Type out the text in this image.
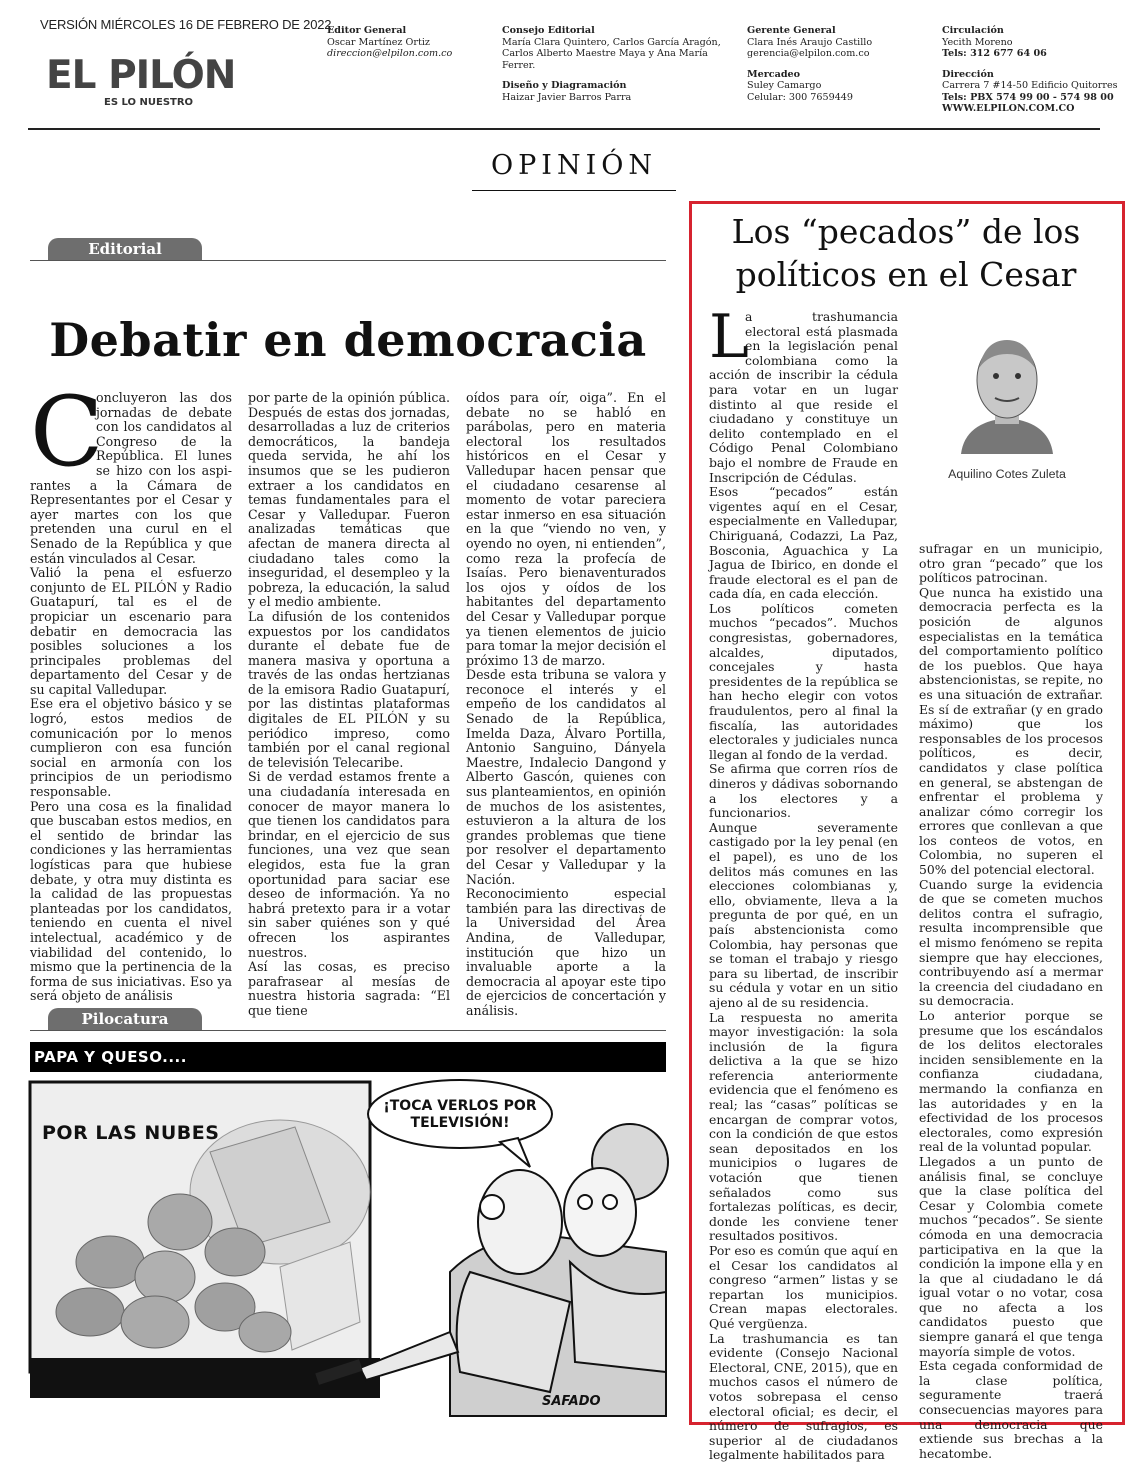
VERSIÓN MIÉRCOLES 16 DE FEBRERO DE 2022
EL PILÓN
ES LO NUESTRO
Editor General
Oscar Martínez Ortiz
direccion@elpilon.com.co
Consejo Editorial
María Clara Quintero, Carlos García Aragón,
Carlos Alberto Maestre Maya y Ana María
Ferrer.
Diseño y Diagramación
Haizar Javier Barros Parra
Gerente General
Clara Inés Araujo Castillo
gerencia@elpilon.com.co
Mercadeo
Suley Camargo
Celular: 300 7659449
Circulación
Yecith Moreno
Tels: 312 677 64 06
Dirección
Carrera 7 #14-50 Edificio Quitorres
Tels: PBX 574 99 00 - 574 98 00
WWW.ELPILON.COM.CO
OPINIÓN
Editorial
Debatir en democracia
C

oncluyeron las dos jornadas de debate con los candidatos al Congreso de la República. El lunes se hizo con los aspi-rantes a la Cámara de Representantes por el Cesar y ayer martes con los que pretenden una curul en el Senado de la República y que están vinculados al Cesar.

Valió la pena el esfuerzo conjunto de EL PILÓN y Radio Guatapurí, tal es el de propiciar un escenario para debatir en democracia las posibles soluciones a los principales problemas del departamento del Cesar y de su capital Valledupar.

Ese era el objetivo básico y se logró, estos medios de comunicación por lo menos cumplieron con esa función social en armonía con los principios de un periodismo responsable.

Pero una cosa es la finalidad que buscaban estos medios, en el sentido de brindar las condiciones y las herramientas logísticas para que hubiese debate, y otra muy distinta es la calidad de las propuestas planteadas por los candidatos, teniendo en cuenta el nivel intelectual, académico y de viabilidad del contenido, lo mismo que la pertinencia de la forma de sus iniciativas. Eso ya será objeto de análisis

por parte de la opinión pública. Después de estas dos jornadas, desarrolladas a luz de criterios democráticos, la bandeja queda servida, he ahí los insumos que se les pudieron extraer a los candidatos en temas fundamentales para el Cesar y Valledupar. Fueron analizadas temáticas que afectan de manera directa al ciudadano tales como la inseguridad, el desempleo y la pobreza, la educación, la salud y el medio ambiente.

La difusión de los contenidos expuestos por los candidatos durante el debate fue de manera masiva y oportuna a través de las ondas hertzianas de la emisora Radio Guatapurí, por las distintas plataformas digitales de EL PILÓN y su periódico impreso, como también por el canal regional de televisión Telecaribe.

Si de verdad estamos frente a una ciudadanía interesada en conocer de mayor manera lo que tienen los candidatos para brindar, en el ejercicio de sus funciones, una vez que sean elegidos, esta fue la gran oportunidad para saciar ese deseo de información. Ya no habrá pretexto para ir a votar sin saber quiénes son y qué ofrecen los aspirantes nuestros.

Así las cosas, es preciso parafrasear al mesías de nuestra historia sagrada: “El que tiene

oídos para oír, oiga”. En el debate no se habló en parábolas, pero en materia electoral los resultados históricos en el Cesar y Valledupar hacen pensar que el ciudadano cesarense al momento de votar pareciera estar inmerso en esa situación en la que “viendo no ven, y oyendo no oyen, ni entienden”, como reza la profecía de Isaías. Pero bienaventurados los ojos y oídos de los habitantes del departamento del Cesar y Valledupar porque ya tienen elementos de juicio para tomar la mejor decisión el próximo 13 de marzo.

Desde esta tribuna se valora y reconoce el interés y el empeño de los candidatos al Senado de la República, Imelda Daza, Álvaro Portilla, Antonio Sanguino, Dányela Maestre, Indalecio Dangond y Alberto Gascón, quienes con sus planteamientos, en opinión de muchos de los asistentes, estuvieron a la altura de los grandes problemas que tiene por resolver el departamento del Cesar y Valledupar y la Nación.

Reconocimiento especial también para las directivas de la Universidad del Área Andina, de Valledupar, institución que hizo un invaluable aporte a la democracia al apoyar este tipo de ejercicios de concertación y análisis.

Pilocatura
PAPA Y QUESO....
POR LAS NUBES
¡TOCA VERLOS POR
TELEVISIÓN!
SAFADO
Los “pecados” de los
políticos en el Cesar
Aquilino Cotes Zuleta
L

a trashumancia electoral está plasmada en la legislación penal colombiana como la acción de inscribir la cédula para votar en un lugar distinto al que reside el ciudadano y constituye un delito contemplado en el Código Penal Colombiano bajo el nombre de Fraude en Inscripción de Cédulas.

Esos “pecados” están vigentes aquí en el Cesar, especialmente en Valledupar, Chiriguaná, Codazzi, La Paz, Bosconia, Aguachica y La Jagua de Ibirico, en donde el fraude electoral es el pan de cada día, en cada elección.

Los políticos cometen muchos “pecados”. Muchos congresistas, gobernadores, alcaldes, diputados, concejales y hasta presidentes de la república se han hecho elegir con votos fraudulentos, pero al final la fiscalía, las autoridades electorales y judiciales nunca llegan al fondo de la verdad.

Se afirma que corren ríos de dineros y dádivas sobornando a los electores y a funcionarios.

Aunque severamente castigado por la ley penal (en el papel), es uno de los delitos más comunes en las elecciones colombianas y, ello, obviamente, lleva a la pregunta de por qué, en un país abstencionista como Colombia, hay personas que se toman el trabajo y riesgo para su libertad, de inscribir su cédula y votar en un sitio ajeno al de su residencia.

La respuesta no amerita mayor investigación: la sola inclusión de la figura delictiva a la que se hizo referencia anteriormente evidencia que el fenómeno es real; las “casas” políticas se encargan de comprar votos, con la condición de que estos sean depositados en los municipios o lugares de votación que tienen señalados como sus fortalezas políticas, es decir, donde les conviene tener resultados positivos.

Por eso es común que aquí en el Cesar los candidatos al congreso “armen” listas y se repartan los municipios. Crean mapas electorales. Qué vergüenza.

La trashumancia es tan evidente (Consejo Nacional Electoral, CNE, 2015), que en muchos casos el número de votos sobrepasa el censo electoral oficial; es decir, el número de sufragios, es superior al de ciudadanos legalmente habilitados para

sufragar en un municipio, otro gran “pecado” que los políticos patrocinan.

Que nunca ha existido una democracia perfecta es la posición de algunos especialistas en la temática del comportamiento político de los pueblos. Que haya abstencionistas, se repite, no es una situación de extrañar. Es sí de extrañar (y en grado máximo) que los responsables de los procesos políticos, es decir, candidatos y clase política en general, se abstengan de enfrentar el problema y analizar cómo corregir los errores que conllevan a que los conteos de votos, en Colombia, no superen el 50% del potencial electoral.

Cuando surge la evidencia de que se cometen muchos delitos contra el sufragio, resulta incomprensible que el mismo fenómeno se repita siempre que hay elecciones, contribuyendo así a mermar la creencia del ciudadano en su democracia.

Lo anterior porque se presume que los escándalos de los delitos electorales inciden sensiblemente en la confianza ciudadana, mermando la confianza en las autoridades y en la efectividad de los procesos electorales, como expresión real de la voluntad popular.

Llegados a un punto de análisis final, se concluye que la clase política del Cesar y Colombia comete muchos “pecados”. Se siente cómoda en una democracia participativa en la que la condición la impone ella y en la que al ciudadano le dá igual votar o no votar, cosa que no afecta a los candidatos puesto que siempre ganará el que tenga mayoría simple de votos.

Esta cegada conformidad de la clase política, seguramente traerá consecuencias mayores para una democracia que extiende sus brechas a la hecatombe.
